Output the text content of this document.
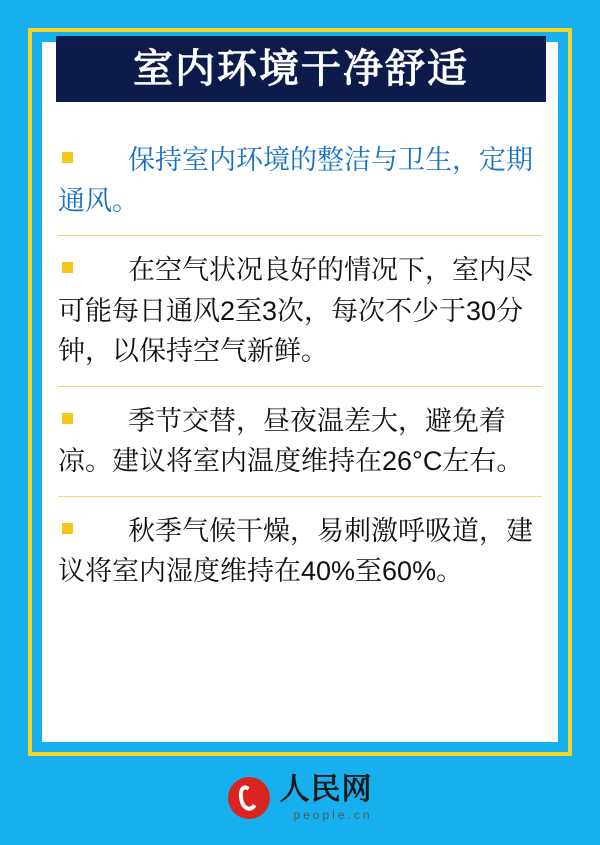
室内环境干净舒适
保持室内环境的整洁与卫生，定期通风。
在空气状况良好的情况下，室内尽可能每日通风2至3次，每次不少于30分钟，以保持空气新鲜。
季节交替，昼夜温差大，避免着凉。建议将室内温度维持在26°C左右。
秋季气候干燥，易刺激呼吸道，建议将室内湿度维持在40%至60%。
人民网
people.cn
